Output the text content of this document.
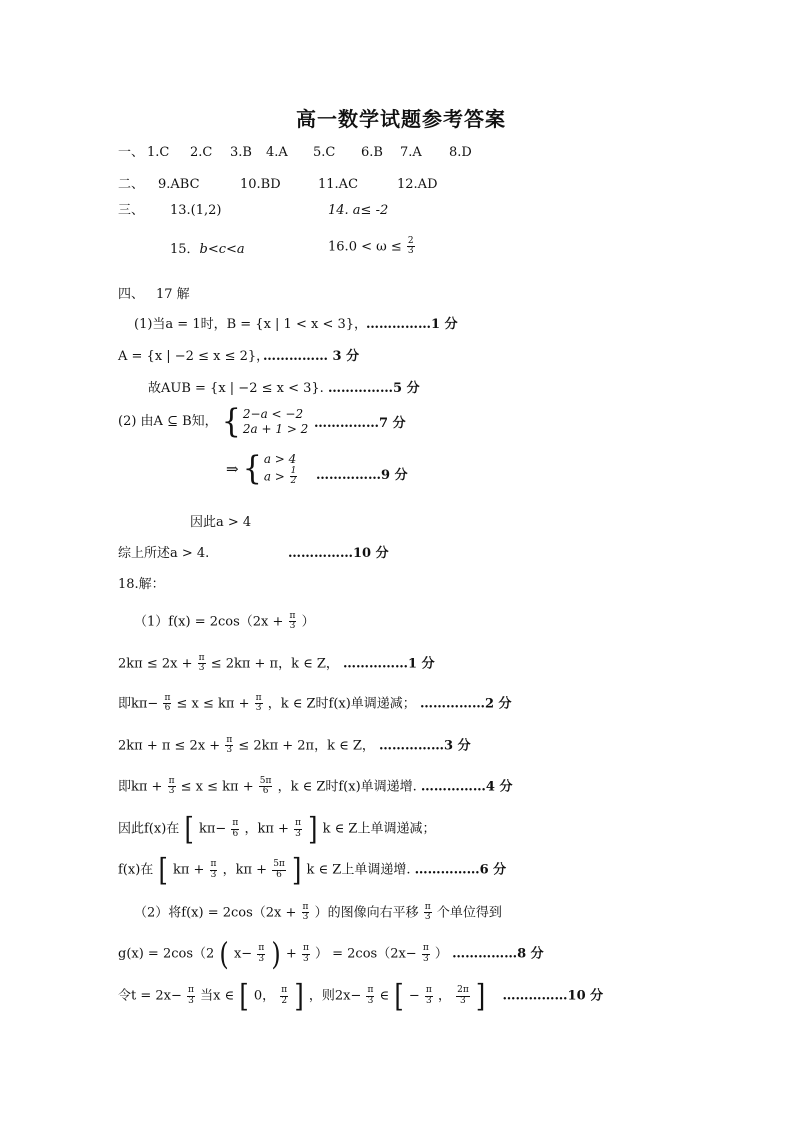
高一数学试题参考答案
一、 1.C 2.C 3.B 4.A 5.C 6.B 7.A 8.D
二、 9.ABC	10.BD	11.AC	12.AD
三、 13.(1,2)	14. a≤ -2
15．b<c<a	$16.0 < \omega \le \frac{2}{3}$
四、 17 解
(1)当a = 1时，B = {x | 1 < x < 3}，
……………1 分
A = {x | −2 ≤ x ≤ 2}，
…………… 3 分
故AUB = {x | −2 ≤ x < 3}. ……………5 分
(2) 由A ⊆ B知， { 2−a < −2
2a + 1 > 2 ……………7 分
⇒ { a > 4
$a > \frac{1}{2}$ ……………9 分
因此a > 4
综上所述a > 4.	……………10 分
18.解：
$(1)f(x) = 2\cos(2x + \frac{\pi}{3}$ ）
$2k\pi \le 2x + \frac{\pi}{3} \le 2k\pi + \pi$，k ∈ Z， ……………1 分
即$k\pi- \frac{\pi}{6} \le x \le k\pi + \frac{\pi}{3}$ ，k ∈ Z时f(x)单调递减； ……………2 分
$2k\pi + \pi \le 2x + \frac{\pi}{3} \le 2k\pi + 2\pi$，k ∈ Z， ……………3 分
即$k\pi + \frac{\pi}{3} \le x \le k\pi + \frac{5\pi}{6}$ ，k ∈ Z时f(x)单调递增. ……………4 分
因此f(x)在 [ $k\pi- \frac{\pi}{6}$ ，$k\pi + \frac{\pi}{3}$ ] k ∈ Z上单调递减；
f(x)在 [ $k\pi + \frac{\pi}{3}$ ，$k\pi + \frac{5\pi}{6}$ ] k ∈ Z上单调递增. ……………6 分
（2）将$f(x) = 2\cos(2x + \frac{\pi}{3}$ ）的图像向右平移 $\frac{\pi}{3}$ 个单位得到
g(x) = 2cos（2 ( $x- \frac{\pi}{3}$ ) + $\frac{\pi}{3}$ ） = $2\cos(2x- \frac{\pi}{3}$ ） ……………8 分
令$t = 2x- \frac{\pi}{3}$ 当x ∈ [ 0， $\frac{\pi}{2}$ ] ，则$2x- \frac{\pi}{3}$ ∈ [ − $\frac{\pi}{3}$ ， $\frac{2\pi}{3}$ ] ……………10 分
